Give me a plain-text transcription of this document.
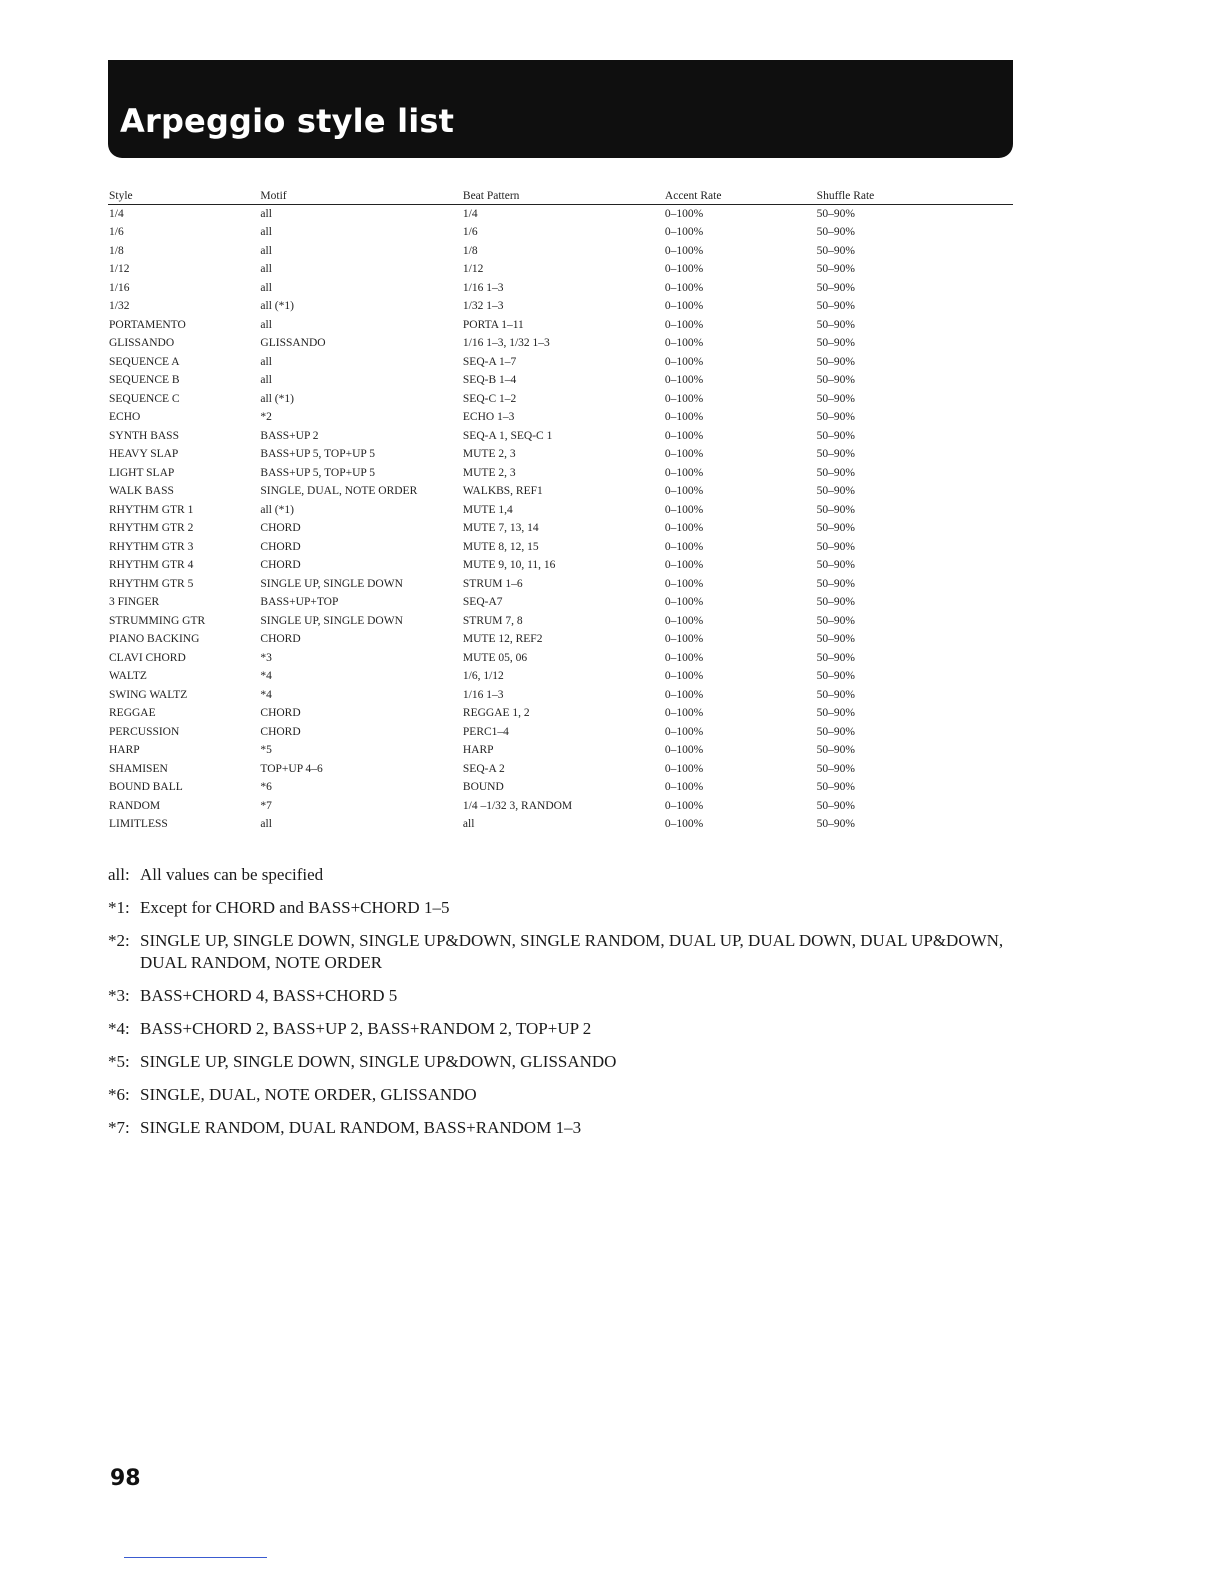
Arpeggio style list
Style	Motif	Beat Pattern	Accent Rate	Shuffle Rate
1/4	all	1/4	0–100%	50–90%
1/6	all	1/6	0–100%	50–90%
1/8	all	1/8	0–100%	50–90%
1/12	all	1/12	0–100%	50–90%
1/16	all	1/16 1–3	0–100%	50–90%
1/32	all (*1)	1/32 1–3	0–100%	50–90%
PORTAMENTO	all	PORTA 1–11	0–100%	50–90%
GLISSANDO	GLISSANDO	1/16 1–3, 1/32 1–3	0–100%	50–90%
SEQUENCE A	all	SEQ-A 1–7	0–100%	50–90%
SEQUENCE B	all	SEQ-B 1–4	0–100%	50–90%
SEQUENCE C	all (*1)	SEQ-C 1–2	0–100%	50–90%
ECHO	*2	ECHO 1–3	0–100%	50–90%
SYNTH BASS	BASS+UP 2	SEQ-A 1, SEQ-C 1	0–100%	50–90%
HEAVY SLAP	BASS+UP 5, TOP+UP 5	MUTE 2, 3	0–100%	50–90%
LIGHT SLAP	BASS+UP 5, TOP+UP 5	MUTE 2, 3	0–100%	50–90%
WALK BASS	SINGLE, DUAL, NOTE ORDER	WALKBS, REF1	0–100%	50–90%
RHYTHM GTR 1	all (*1)	MUTE 1,4	0–100%	50–90%
RHYTHM GTR 2	CHORD	MUTE 7, 13, 14	0–100%	50–90%
RHYTHM GTR 3	CHORD	MUTE 8, 12, 15	0–100%	50–90%
RHYTHM GTR 4	CHORD	MUTE 9, 10, 11, 16	0–100%	50–90%
RHYTHM GTR 5	SINGLE UP, SINGLE DOWN	STRUM 1–6	0–100%	50–90%
3 FINGER	BASS+UP+TOP	SEQ-A7	0–100%	50–90%
STRUMMING GTR	SINGLE UP, SINGLE DOWN	STRUM 7, 8	0–100%	50–90%
PIANO BACKING	CHORD	MUTE 12, REF2	0–100%	50–90%
CLAVI CHORD	*3	MUTE 05, 06	0–100%	50–90%
WALTZ	*4	1/6, 1/12	0–100%	50–90%
SWING WALTZ	*4	1/16 1–3	0–100%	50–90%
REGGAE	CHORD	REGGAE 1, 2	0–100%	50–90%
PERCUSSION	CHORD	PERC1–4	0–100%	50–90%
HARP	*5	HARP	0–100%	50–90%
SHAMISEN	TOP+UP 4–6	SEQ-A 2	0–100%	50–90%
BOUND BALL	*6	BOUND	0–100%	50–90%
RANDOM	*7	1/4 –1/32 3, RANDOM	0–100%	50–90%
LIMITLESS	all	all	0–100%	50–90%
all: All values can be specified
*1: Except for CHORD and BASS+CHORD 1–5
*2: SINGLE UP, SINGLE DOWN, SINGLE UP&DOWN, SINGLE RANDOM, DUAL UP, DUAL DOWN, DUAL UP&DOWN, DUAL RANDOM, NOTE ORDER
*3: BASS+CHORD 4, BASS+CHORD 5
*4: BASS+CHORD 2, BASS+UP 2, BASS+RANDOM 2, TOP+UP 2
*5: SINGLE UP, SINGLE DOWN, SINGLE UP&DOWN, GLISSANDO
*6: SINGLE, DUAL, NOTE ORDER, GLISSANDO
*7: SINGLE RANDOM, DUAL RANDOM, BASS+RANDOM 1–3
98
